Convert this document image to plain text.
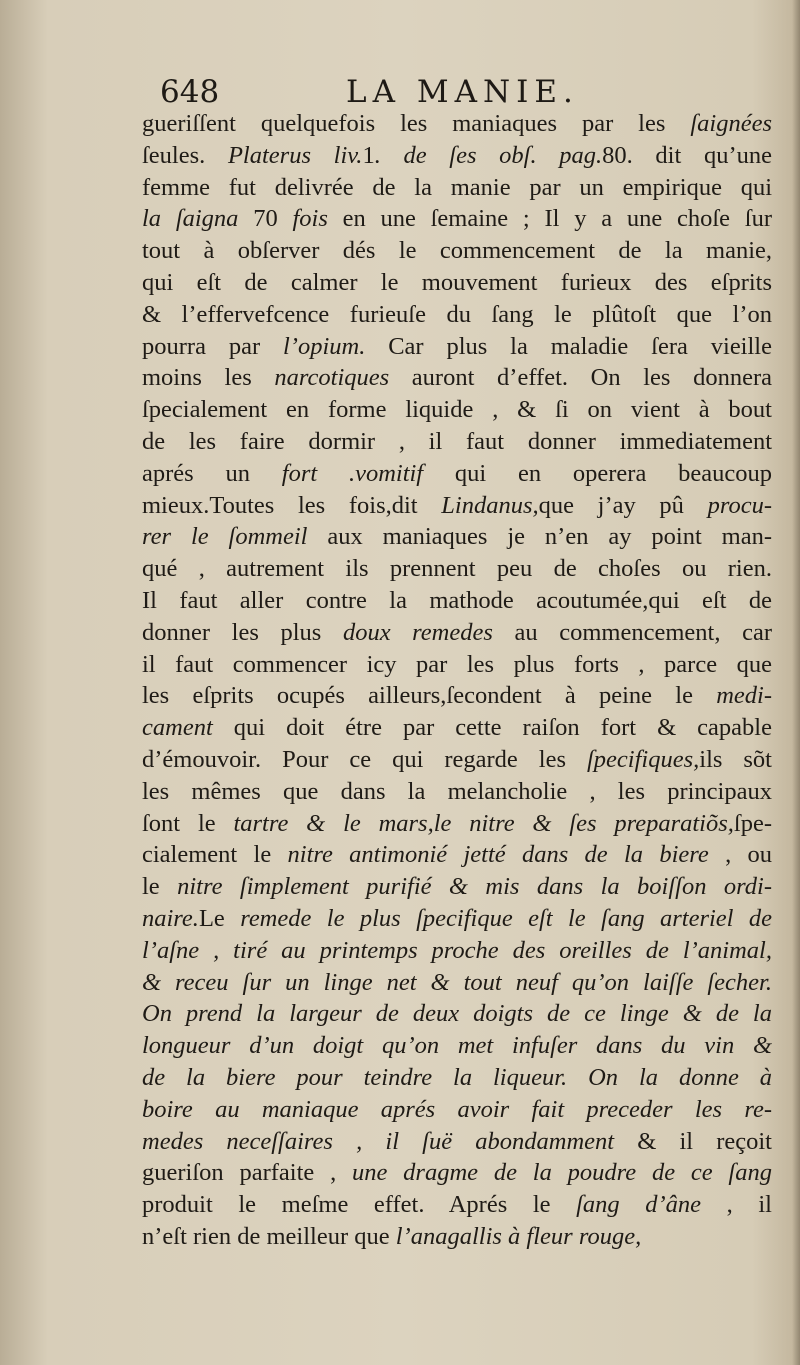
648	LA MANIE.
gueriſſent quelquefois les maniaques par les ſaignées
ſeules. Platerus liv.1. de ſes obſ. pag.80. dit qu’une
femme fut delivrée de la manie par un empirique qui
la ſaigna 70 fois en une ſemaine ; Il y a une choſe ſur
tout à obſerver dés le commencement de la manie,
qui eſt de calmer le mouvement furieux des eſprits
& l’effervefcence furieuſe du ſang le plûtoſt que l’on
pourra par l’opium. Car plus la maladie ſera vieille
moins les narcotiques auront d’effet. On les donnera
ſpecialement en forme liquide , & ſi on vient à bout
de les faire dormir , il faut donner immediatement
aprés un fort .vomitif qui en operera beaucoup
mieux.Toutes les fois,dit Lindanus,que j’ay pû procu-
rer le ſommeil aux maniaques je n’en ay point man-
qué , autrement ils prennent peu de choſes ou rien.
Il faut aller contre la mathode acoutumée,qui eſt de
donner les plus doux remedes au commencement, car
il faut commencer icy par les plus forts , parce que
les eſprits ocupés ailleurs,ſecondent à peine le medi-
cament qui doit étre par cette raiſon fort & capable
d’émouvoir. Pour ce qui regarde les ſpecifiques,ils sõt
les mêmes que dans la melancholie , les principaux
ſont le tartre & le mars,le nitre & ſes preparatiõs,ſpe-
cialement le nitre antimonié jetté dans de la biere , ou
le nitre ſimplement purifié & mis dans la boiſſon ordi-
naire.Le remede le plus ſpecifique eſt le ſang arteriel de
l’aſne , tiré au printemps proche des oreilles de l’animal,
& receu ſur un linge net & tout neuf qu’on laiſſe ſecher.
On prend la largeur de deux doigts de ce linge & de la
longueur d’un doigt qu’on met infuſer dans du vin &
de la biere pour teindre la liqueur. On la donne à
boire au maniaque aprés avoir fait preceder les re-
medes neceſſaires , il ſuë abondamment & il reçoit
gueriſon parfaite , une dragme de la poudre de ce ſang
produit le meſme effet. Aprés le ſang d’âne , il
n’eſt rien de meilleur que l’anagallis à fleur rouge,
